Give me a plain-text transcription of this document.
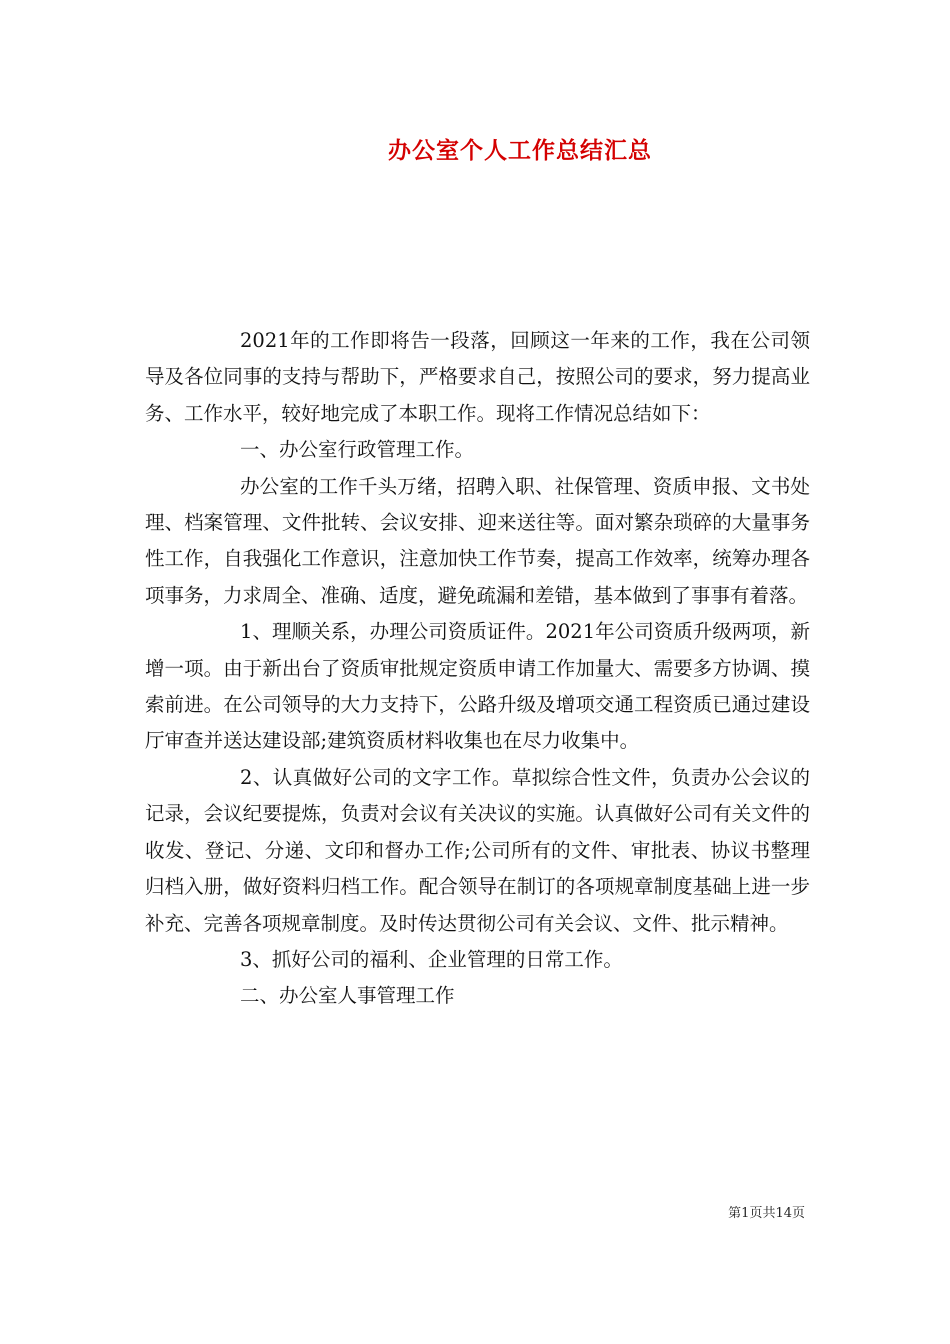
办公室个人工作总结汇总

2021年的工作即将告一段落，回顾这一年来的工作，我在公司领导及各位同事的支持与帮助下，严格要求自己，按照公司的要求，努力提高业务、工作水平，较好地完成了本职工作。现将工作情况总结如下：

一、办公室行政管理工作。

办公室的工作千头万绪，招聘入职、社保管理、资质申报、文书处理、档案管理、文件批转、会议安排、迎来送往等。面对繁杂琐碎的大量事务性工作，自我强化工作意识，注意加快工作节奏，提高工作效率，统筹办理各项事务，力求周全、准确、适度，避免疏漏和差错，基本做到了事事有着落。

1、理顺关系，办理公司资质证件。2021年公司资质升级两项，新增一项。由于新出台了资质审批规定资质申请工作加量大、需要多方协调、摸索前进。在公司领导的大力支持下，公路升级及增项交通工程资质已通过建设厅审查并送达建设部;建筑资质材料收集也在尽力收集中。

2、认真做好公司的文字工作。草拟综合性文件，负责办公会议的记录，会议纪要提炼，负责对会议有关决议的实施。认真做好公司有关文件的收发、登记、分递、文印和督办工作;公司所有的文件、审批表、协议书整理归档入册，做好资料归档工作。配合领导在制订的各项规章制度基础上进一步补充、完善各项规章制度。及时传达贯彻公司有关会议、文件、批示精神。

3、抓好公司的福利、企业管理的日常工作。

二、办公室人事管理工作

第1页共14页
